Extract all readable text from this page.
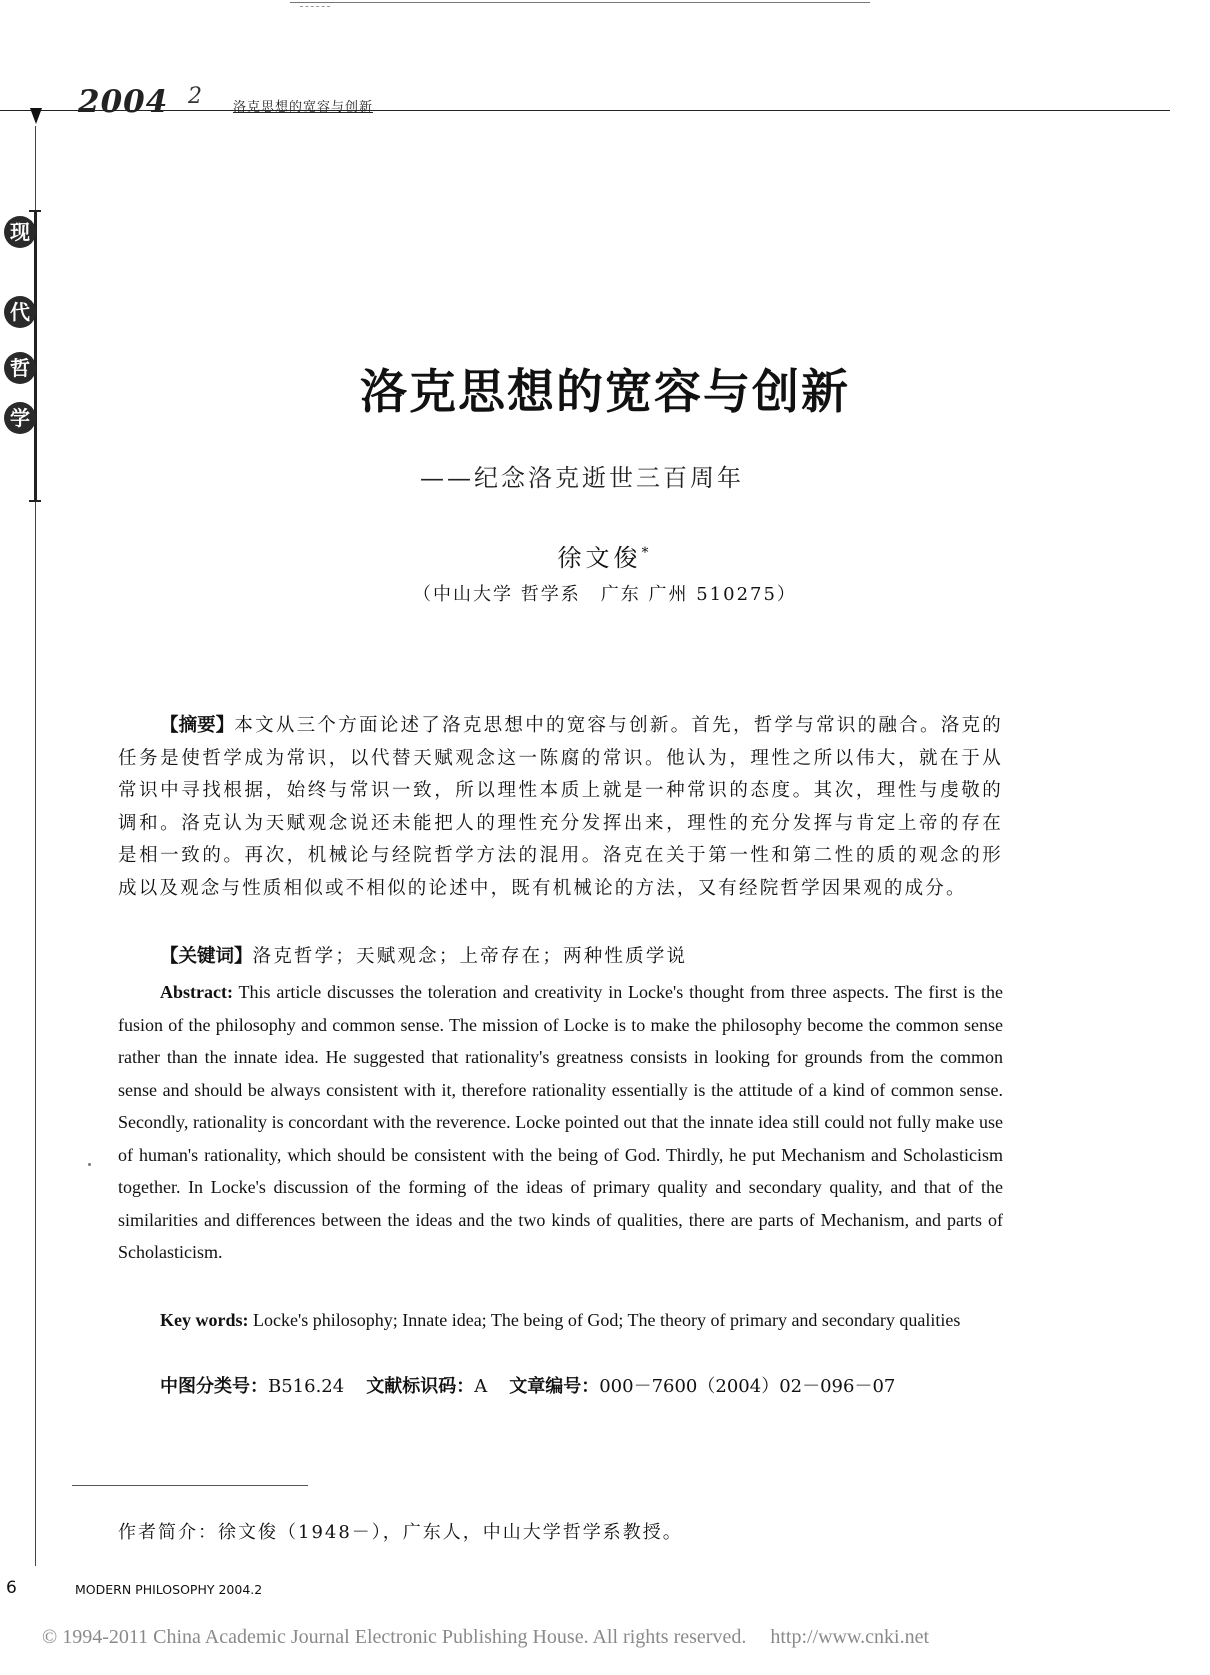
2004 2 洛克思想的宽容与创新
现
代
哲
学	洛克思想的宽容与创新
——纪念洛克逝世三百周年
徐文俊*
（中山大学 哲学系　广东 广州 510275）
【摘要】本文从三个方面论述了洛克思想中的宽容与创新。首先，哲学与常识的融合。洛克的任务是使哲学成为常识，以代替天赋观念这一陈腐的常识。他认为，理性之所以伟大，就在于从常识中寻找根据，始终与常识一致，所以理性本质上就是一种常识的态度。其次，理性与虔敬的调和。洛克认为天赋观念说还未能把人的理性充分发挥出来，理性的充分发挥与肯定上帝的存在是相一致的。再次，机械论与经院哲学方法的混用。洛克在关于第一性和第二性的质的观念的形成以及观念与性质相似或不相似的论述中，既有机械论的方法，又有经院哲学因果观的成分。
【关键词】洛克哲学；天赋观念；上帝存在；两种性质学说
Abstract: This article discusses the toleration and creativity in Locke's thought from three aspects. The first is the fusion of the philosophy and common sense. The mission of Locke is to make the philosophy become the common sense rather than the innate idea. He suggested that rationality's greatness consists in looking for grounds from the common sense and should be always consistent with it, therefore rationality essentially is the attitude of a kind of common sense. Secondly, rationality is concordant with the reverence. Locke pointed out that the innate idea still could not fully make use of human's rationality, which should be consistent with the being of God. Thirdly, he put Mechanism and Scholasticism together. In Locke's discussion of the forming of the ideas of primary quality and secondary quality, and that of the similarities and differences between the ideas and the two kinds of qualities, there are parts of Mechanism, and parts of Scholasticism.
Key words: Locke's philosophy; Innate idea; The being of God; The theory of primary and secondary qualities
中图分类号：B516.24 文献标识码：A 文章编号：000－7600（2004）02－096－07
作者简介：徐文俊（1948－），广东人，中山大学哲学系教授。
6	MODERN PHILOSOPHY 2004.2
© 1994-2011 China Academic Journal Electronic Publishing House. All rights reserved. http://www.cnki.net
